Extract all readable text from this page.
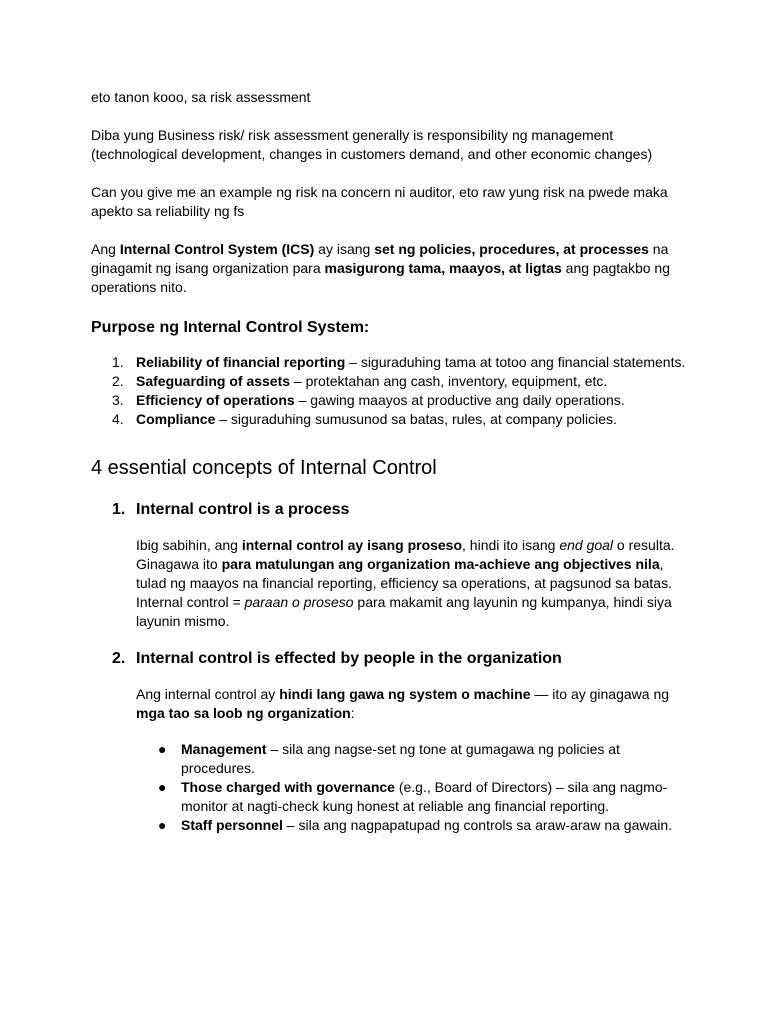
eto tanon kooo, sa risk assessment

Diba yung Business risk/ risk assessment generally is responsibility ng management (technological development, changes in customers demand, and other economic changes)

Can you give me an example ng risk na concern ni auditor, eto raw yung risk na pwede maka apekto sa reliability ng fs

Ang Internal Control System (ICS) ay isang set ng policies, procedures, at processes na ginagamit ng isang organization para masigurong tama, maayos, at ligtas ang pagtakbo ng operations nito.

Purpose ng Internal Control System:
1. Reliability of financial reporting – siguraduhing tama at totoo ang financial statements.
2. Safeguarding of assets – protektahan ang cash, inventory, equipment, etc.
3. Efficiency of operations – gawing maayos at productive ang daily operations.
4. Compliance – siguraduhing sumusunod sa batas, rules, at company policies.
4 essential concepts of Internal Control
1. Internal control is a process

Ibig sabihin, ang internal control ay isang proseso, hindi ito isang end goal o resulta. Ginagawa ito para matulungan ang organization ma-achieve ang objectives nila, tulad ng maayos na financial reporting, efficiency sa operations, at pagsunod sa batas. Internal control = paraan o proseso para makamit ang layunin ng kumpanya, hindi siya layunin mismo.

2. Internal control is effected by people in the organization

Ang internal control ay hindi lang gawa ng system o machine — ito ay ginagawa ng mga tao sa loob ng organization:

● Management – sila ang nagse-set ng tone at gumagawa ng policies at procedures.
● Those charged with governance (e.g., Board of Directors) – sila ang nagmo-monitor at nagti-check kung honest at reliable ang financial reporting.
● Staff personnel – sila ang nagpapatupad ng controls sa araw-araw na gawain.
